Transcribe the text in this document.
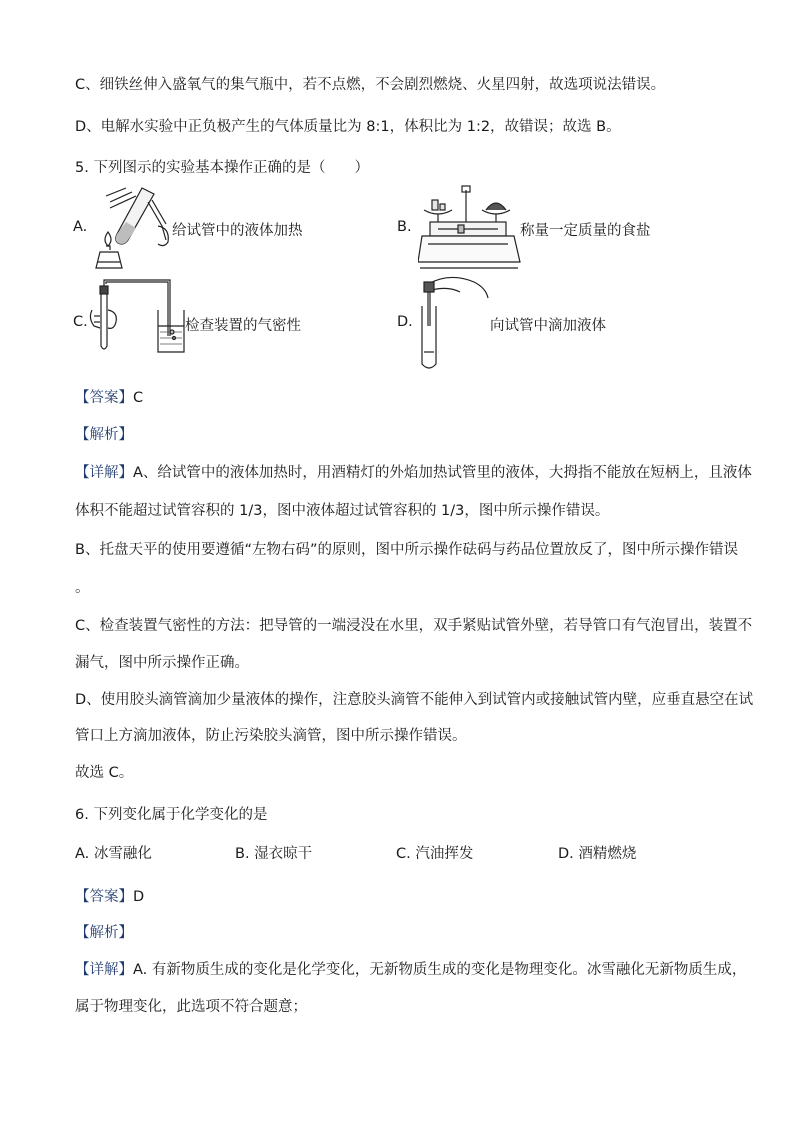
C、细铁丝伸入盛氧气的集气瓶中，若不点燃，不会剧烈燃烧、火星四射，故选项说法错误。
D、电解水实验中正负极产生的气体质量比为 8:1，体积比为 1:2，故错误；故选 B。
5. 下列图示的实验基本操作正确的是（　　）
A.	给试管中的液体加热	B.	称量一定质量的食盐
C.	检查装置的气密性	D.	向试管中滴加液体
【答案】C
【解析】
【详解】A、给试管中的液体加热时，用酒精灯的外焰加热试管里的液体，大拇指不能放在短柄上，且液体
体积不能超过试管容积的 1/3，图中液体超过试管容积的 1/3，图中所示操作错误。
B、托盘天平的使用要遵循“左物右码”的原则，图中所示操作砝码与药品位置放反了，图中所示操作错误
。
C、检查装置气密性的方法：把导管的一端浸没在水里，双手紧贴试管外壁，若导管口有气泡冒出，装置不
漏气，图中所示操作正确。
D、使用胶头滴管滴加少量液体的操作，注意胶头滴管不能伸入到试管内或接触试管内壁，应垂直悬空在试
管口上方滴加液体，防止污染胶头滴管，图中所示操作错误。
故选 C。
6. 下列变化属于化学变化的是
A. 冰雪融化	B. 湿衣晾干	C. 汽油挥发	D. 酒精燃烧
【答案】D
【解析】
【详解】A. 有新物质生成的变化是化学变化，无新物质生成的变化是物理变化。冰雪融化无新物质生成，
属于物理变化，此选项不符合题意；
